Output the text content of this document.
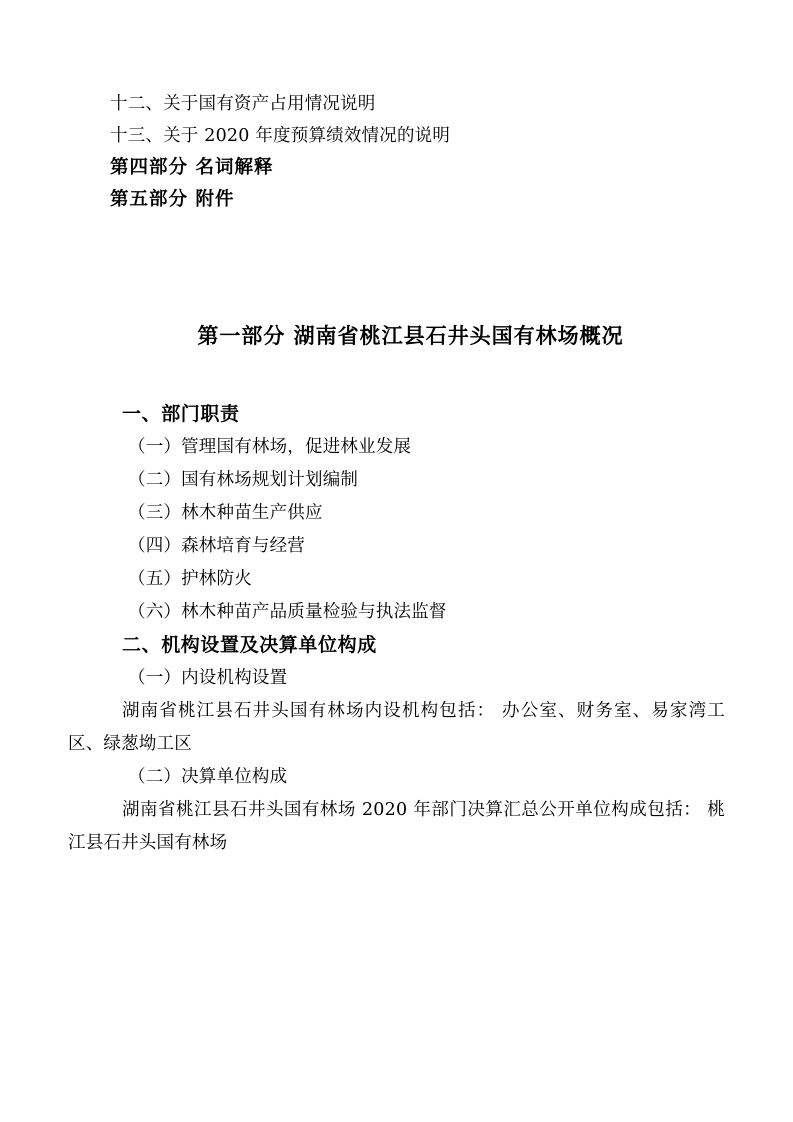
十二、关于国有资产占用情况说明
十三、关于 2020 年度预算绩效情况的说明
第四部分 名词解释
第五部分 附件
第一部分 湖南省桃江县石井头国有林场概况
一、部门职责
（一）管理国有林场，促进林业发展
（二）国有林场规划计划编制
（三）林木种苗生产供应
（四）森林培育与经营
（五）护林防火
（六）林木种苗产品质量检验与执法监督
二、机构设置及决算单位构成
（一）内设机构设置
湖南省桃江县石井头国有林场内设机构包括： 办公室、财务室、易家湾工区、绿葱坳工区
（二）决算单位构成
湖南省桃江县石井头国有林场 2020 年部门决算汇总公开单位构成包括： 桃江县石井头国有林场
